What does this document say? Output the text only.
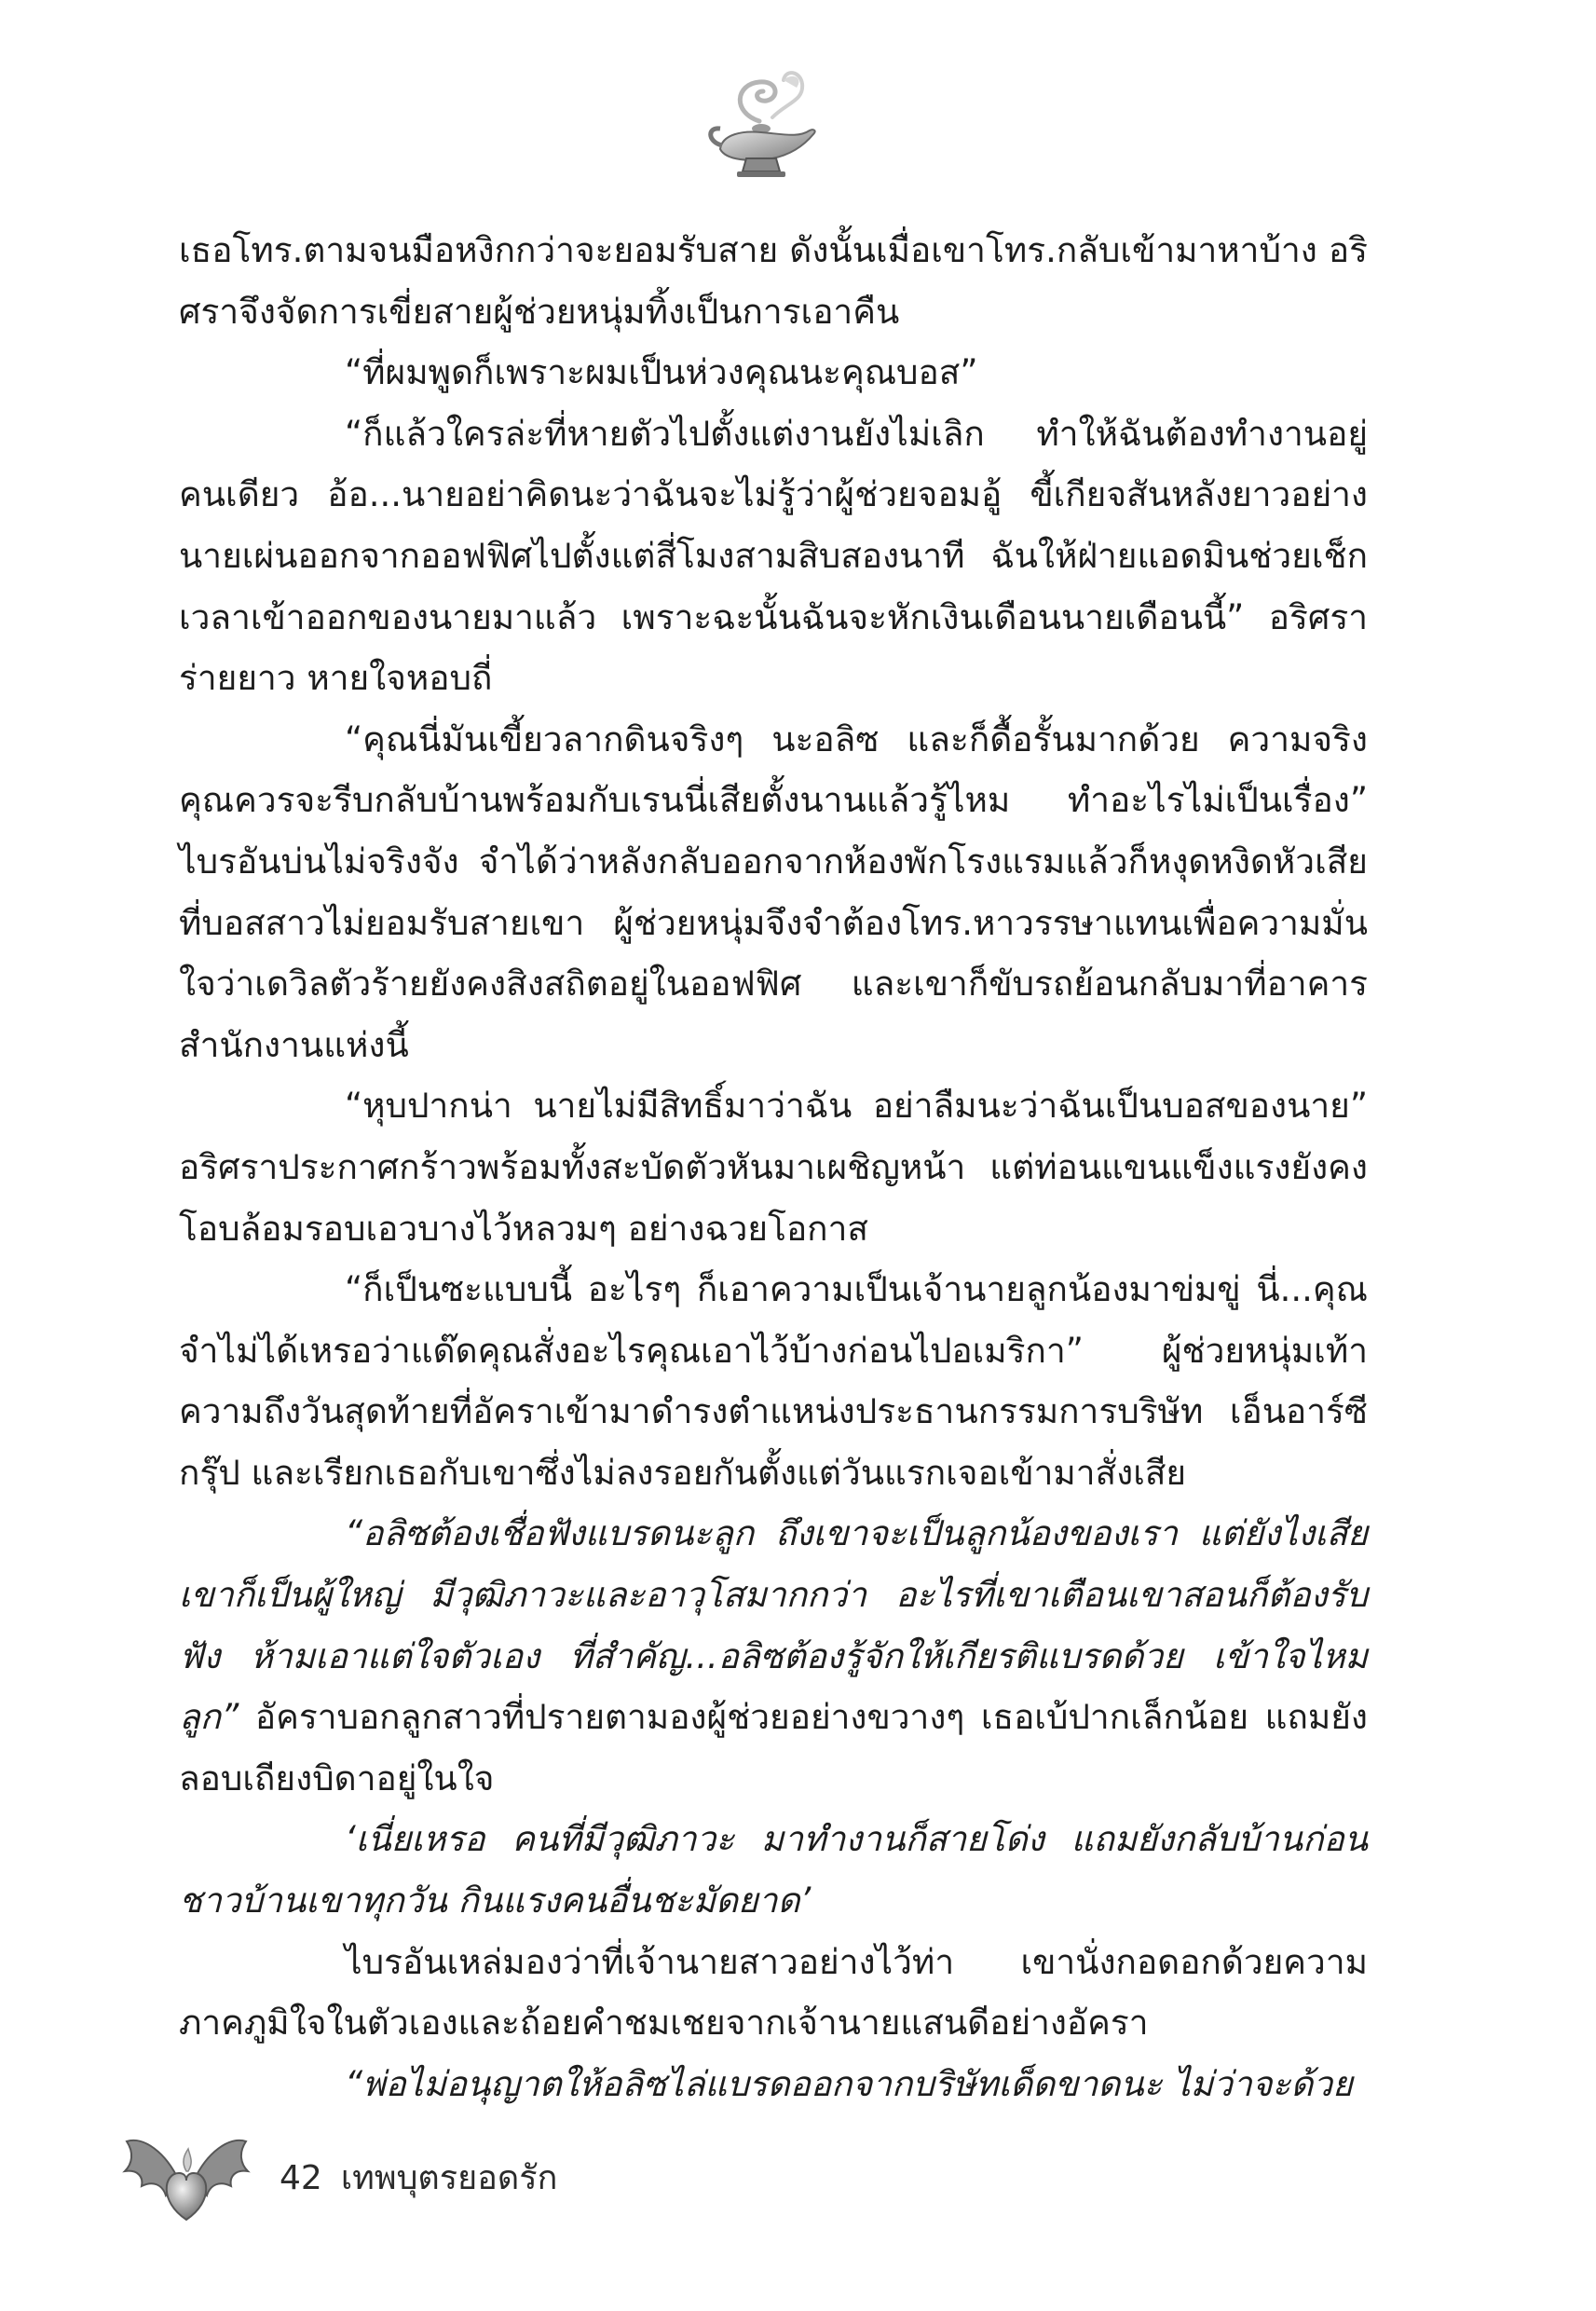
เธอโทร.ตามจนมือหงิกกว่าจะยอมรับสาย ดังนั้นเมื่อเขาโทร.กลับเข้ามาหาบ้าง อริศราจึงจัดการเขี่ยสายผู้ช่วยหนุ่มทิ้งเป็นการเอาคืน

“ที่ผมพูดก็เพราะผมเป็นห่วงคุณนะคุณบอส”

“ก็แล้วใครล่ะที่หายตัวไปตั้งแต่งานยังไม่เลิก ทำให้ฉันต้องทำงานอยู่คนเดียว อ้อ...นายอย่าคิดนะว่าฉันจะไม่รู้ว่าผู้ช่วยจอมอู้ ขี้เกียจสันหลังยาวอย่างนายเผ่นออกจากออฟฟิศไปตั้งแต่สี่โมงสามสิบสองนาที ฉันให้ฝ่ายแอดมินช่วยเช็กเวลาเข้าออกของนายมาแล้ว เพราะฉะนั้นฉันจะหักเงินเดือนนายเดือนนี้” อริศราร่ายยาว หายใจหอบถี่

“คุณนี่มันเขี้ยวลากดินจริงๆ นะอลิซ และก็ดื้อรั้นมากด้วย ความจริงคุณควรจะรีบกลับบ้านพร้อมกับเรนนี่เสียตั้งนานแล้วรู้ไหม ทำอะไรไม่เป็นเรื่อง” ไบรอันบ่นไม่จริงจัง จำได้ว่าหลังกลับออกจากห้องพักโรงแรมแล้วก็หงุดหงิดหัวเสียที่บอสสาวไม่ยอมรับสายเขา ผู้ช่วยหนุ่มจึงจำต้องโทร.หาวรรษาแทนเพื่อความมั่นใจว่าเดวิลตัวร้ายยังคงสิงสถิตอยู่ในออฟฟิศ และเขาก็ขับรถย้อนกลับมาที่อาคารสำนักงานแห่งนี้

“หุบปากน่า นายไม่มีสิทธิ์มาว่าฉัน อย่าลืมนะว่าฉันเป็นบอสของนาย” อริศราประกาศกร้าวพร้อมทั้งสะบัดตัวหันมาเผชิญหน้า แต่ท่อนแขนแข็งแรงยังคงโอบล้อมรอบเอวบางไว้หลวมๆ อย่างฉวยโอกาส

“ก็เป็นซะแบบนี้ อะไรๆ ก็เอาความเป็นเจ้านายลูกน้องมาข่มขู่ นี่...คุณจำไม่ได้เหรอว่าแด๊ดคุณสั่งอะไรคุณเอาไว้บ้างก่อนไปอเมริกา” ผู้ช่วยหนุ่มเท้าความถึงวันสุดท้ายที่อัคราเข้ามาดำรงตำแหน่งประธานกรรมการบริษัท เอ็นอาร์ซี กรุ๊ป และเรียกเธอกับเขาซึ่งไม่ลงรอยกันตั้งแต่วันแรกเจอเข้ามาสั่งเสีย

“อลิซต้องเชื่อฟังแบรดนะลูก ถึงเขาจะเป็นลูกน้องของเรา แต่ยังไงเสียเขาก็เป็นผู้ใหญ่ มีวุฒิภาวะและอาวุโสมากกว่า อะไรที่เขาเตือนเขาสอนก็ต้องรับฟัง ห้ามเอาแต่ใจตัวเอง ที่สำคัญ...อลิซต้องรู้จักให้เกียรติแบรดด้วย เข้าใจไหมลูก” อัคราบอกลูกสาวที่ปรายตามองผู้ช่วยอย่างขวางๆ เธอเบ้ปากเล็กน้อย แถมยังลอบเถียงบิดาอยู่ในใจ

‘เนี่ยเหรอ คนที่มีวุฒิภาวะ มาทำงานก็สายโด่ง แถมยังกลับบ้านก่อนชาวบ้านเขาทุกวัน กินแรงคนอื่นชะมัดยาด’

ไบรอันเหล่มองว่าที่เจ้านายสาวอย่างไว้ท่า เขานั่งกอดอกด้วยความภาคภูมิใจในตัวเองและถ้อยคำชมเชยจากเจ้านายแสนดีอย่างอัครา

“พ่อไม่อนุญาตให้อลิซไล่แบรดออกจากบริษัทเด็ดขาดนะ ไม่ว่าจะด้วย

42 เทพบุตรยอดรัก
